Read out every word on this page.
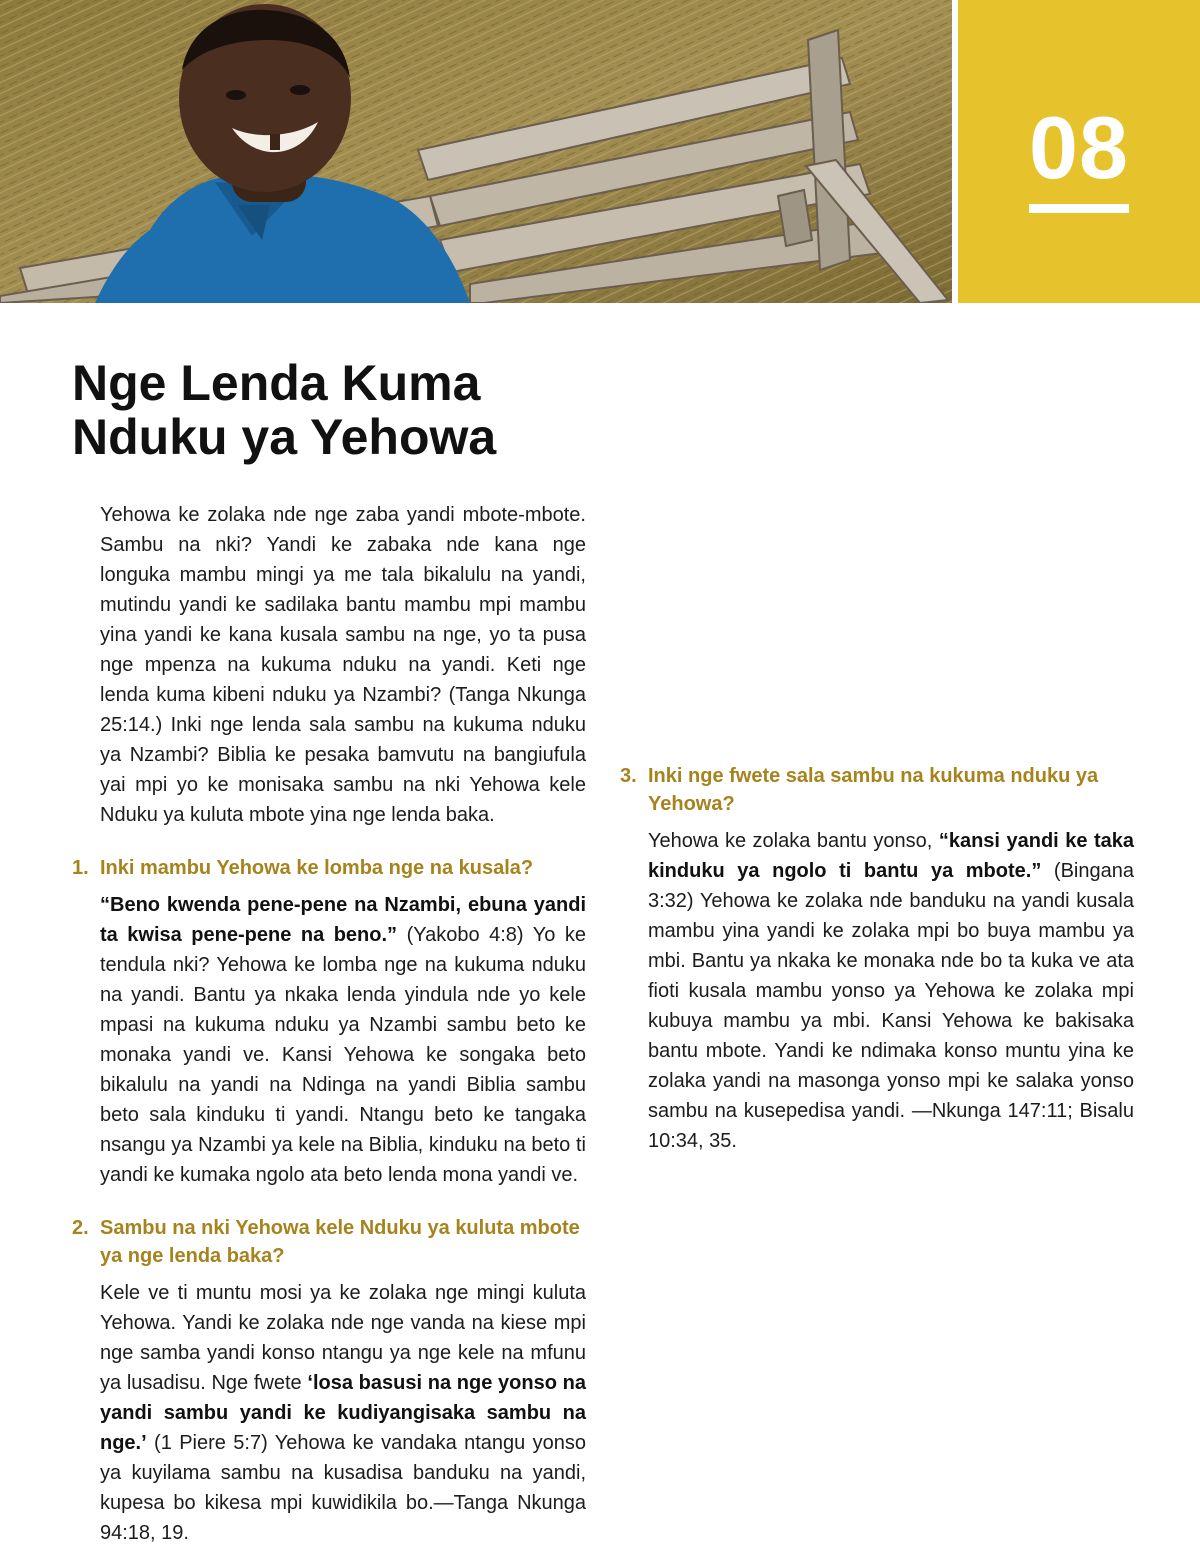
08
Nge Lenda Kuma
Nduku ya Yehowa

Yehowa ke zolaka nde nge zaba yandi mbote-mbote. Sambu na nki? Yandi ke zabaka nde kana nge longuka mambu mingi ya me tala bikalulu na yandi, mutindu yandi ke sadilaka bantu mambu mpi mambu yina yandi ke kana kusala sambu na nge, yo ta pusa nge mpenza na kukuma nduku na yandi. Keti nge lenda kuma kibeni nduku ya Nzambi? (Tanga Nkunga 25:14.) Inki nge lenda sala sambu na kukuma nduku ya Nzambi? Biblia ke pesaka bamvutu na bangiufula yai mpi yo ke monisaka sambu na nki Yehowa kele Nduku ya kuluta mbote yina nge lenda baka.

1. Inki mambu Yehowa ke lomba nge na kusala?

“Beno kwenda pene-pene na Nzambi, ebuna yandi ta kwisa pene-pene na beno.” (Yakobo 4:8) Yo ke tendula nki? Yehowa ke lomba nge na kukuma nduku na yandi. Bantu ya nkaka lenda yindula nde yo kele mpasi na kukuma nduku ya Nzambi sambu beto ke monaka yandi ve. Kansi Yehowa ke songaka beto bikalulu na yandi na Ndinga na yandi Biblia sambu beto sala kinduku ti yandi. Ntangu beto ke tangaka nsangu ya Nzambi ya kele na Biblia, kinduku na beto ti yandi ke kumaka ngolo ata beto lenda mona yandi ve.

2. Sambu na nki Yehowa kele Nduku ya kuluta mbote ya nge lenda baka?

Kele ve ti muntu mosi ya ke zolaka nge mingi kuluta Yehowa. Yandi ke zolaka nde nge vanda na kiese mpi nge samba yandi konso ntangu ya nge kele na mfunu ya lusadisu. Nge fwete ‘losa basusi na nge yonso na yandi sambu yandi ke kudiyangisaka sambu na nge.’ (1 Piere 5:7) Yehowa ke vandaka ntangu yonso ya kuyilama sambu na kusadisa banduku na yandi, kupesa bo kikesa mpi kuwidikila bo.—Tanga Nkunga 94:18, 19.

3. Inki nge fwete sala sambu na kukuma nduku ya Yehowa?

Yehowa ke zolaka bantu yonso, “kansi yandi ke taka kinduku ya ngolo ti bantu ya mbote.” (Bingana 3:32) Yehowa ke zolaka nde banduku na yandi kusala mambu yina yandi ke zolaka mpi bo buya mambu ya mbi. Bantu ya nkaka ke monaka nde bo ta kuka ve ata fioti kusala mambu yonso ya Yehowa ke zolaka mpi kubuya mambu ya mbi. Kansi Yehowa ke bakisaka bantu mbote. Yandi ke ndimaka konso muntu yina ke zolaka yandi na masonga yonso mpi ke salaka yonso sambu na kusepedisa yandi. —Nkunga 147:11; Bisalu 10:34, 35.
